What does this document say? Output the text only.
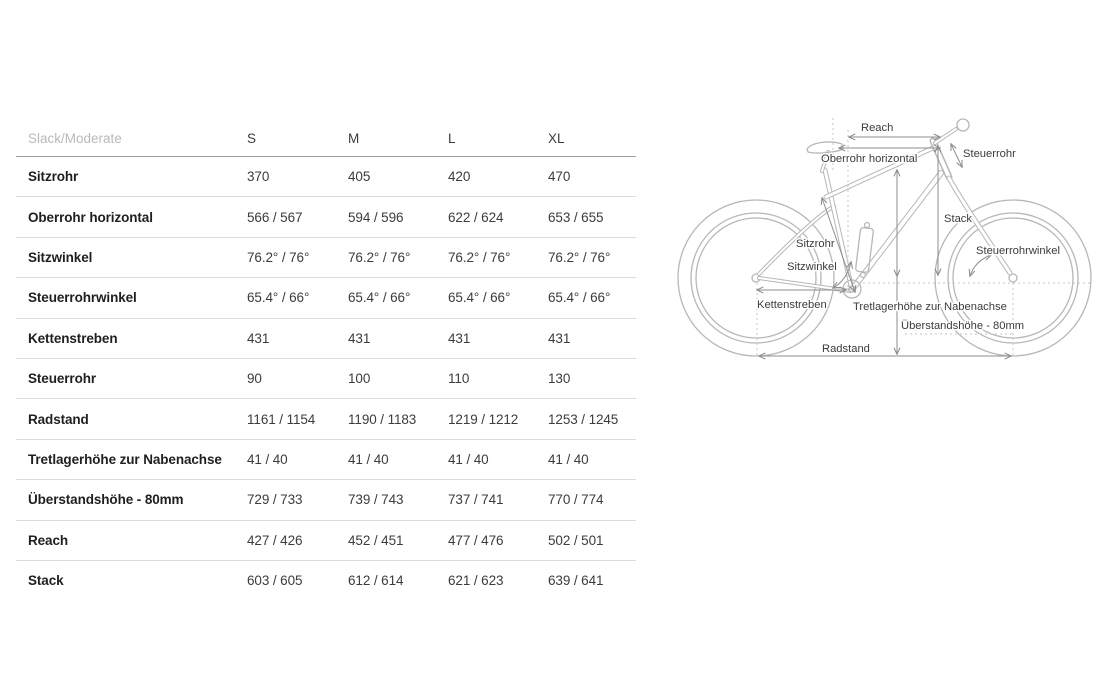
Slack/Moderate	S	M	L	XL
Sitzrohr	370	405	420	470
Oberrohr horizontal	566 / 567	594 / 596	622 / 624	653 / 655
Sitzwinkel	76.2° / 76°	76.2° / 76°	76.2° / 76°	76.2° / 76°
Steuerrohrwinkel	65.4° / 66°	65.4° / 66°	65.4° / 66°	65.4° / 66°
Kettenstreben	431	431	431	431
Steuerrohr	90	100	110	130
Radstand	1161 / 1154	1190 / 1183	1219 / 1212	1253 / 1245
Tretlagerhöhe zur Nabenachse	41 / 40	41 / 40	41 / 40	41 / 40
Überstandshöhe - 80mm	729 / 733	739 / 743	737 / 741	770 / 774
Reach	427 / 426	452 / 451	477 / 476	502 / 501
Stack	603 / 605	612 / 614	621 / 623	639 / 641
Reach
Oberrohr horizontal	Steuerrohr
Stack
Sitzrohr
Sitzwinkel
Steuerrohrwinkel
Kettenstreben Tretlagerhöhe zur Nabenachse
Überstandshöhe - 80mm
Radstand
